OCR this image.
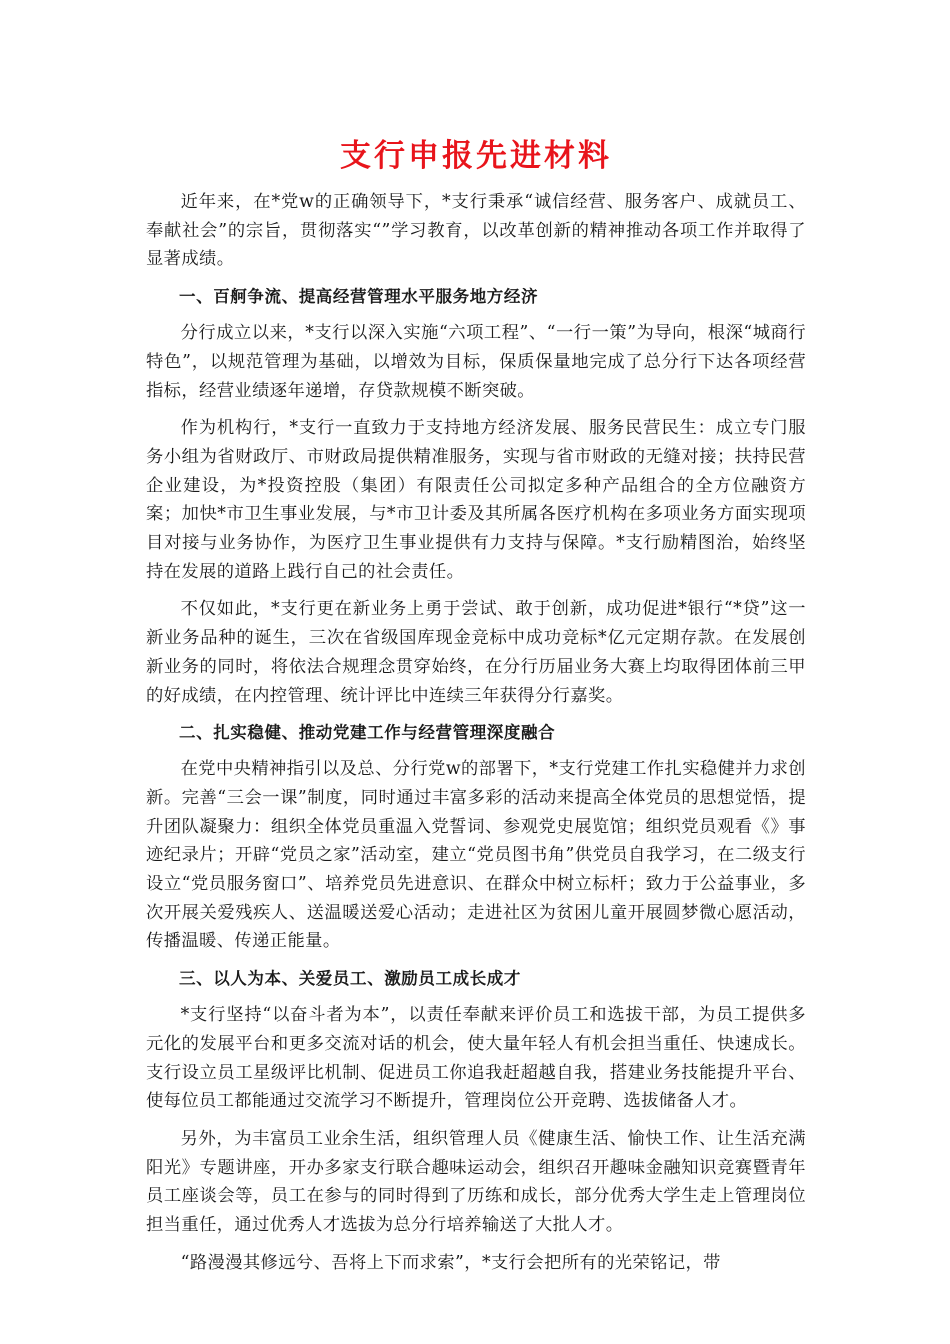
支行申报先进材料

近年来，在*党w的正确领导下，*支行秉承“诚信经营、服务客户、成就员工、奉献社会”的宗旨，贯彻落实“”学习教育，以改革创新的精神推动各项工作并取得了显著成绩。

一、百舸争流、提高经营管理水平服务地方经济

分行成立以来，*支行以深入实施“六项工程”、“一行一策”为导向，根深“城商行特色”，以规范管理为基础，以增效为目标，保质保量地完成了总分行下达各项经营指标，经营业绩逐年递增，存贷款规模不断突破。

作为机构行，*支行一直致力于支持地方经济发展、服务民营民生：成立专门服务小组为省财政厅、市财政局提供精准服务，实现与省市财政的无缝对接；扶持民营企业建设，为*投资控股（集团）有限责任公司拟定多种产品组合的全方位融资方案；加快*市卫生事业发展，与*市卫计委及其所属各医疗机构在多项业务方面实现项目对接与业务协作，为医疗卫生事业提供有力支持与保障。*支行励精图治，始终坚持在发展的道路上践行自己的社会责任。

不仅如此，*支行更在新业务上勇于尝试、敢于创新，成功促进*银行“*贷”这一新业务品种的诞生，三次在省级国库现金竞标中成功竞标*亿元定期存款。在发展创新业务的同时，将依法合规理念贯穿始终，在分行历届业务大赛上均取得团体前三甲的好成绩，在内控管理、统计评比中连续三年获得分行嘉奖。

二、扎实稳健、推动党建工作与经营管理深度融合

在党中央精神指引以及总、分行党w的部署下，*支行党建工作扎实稳健并力求创新。完善“三会一课”制度，同时通过丰富多彩的活动来提高全体党员的思想觉悟，提升团队凝聚力：组织全体党员重温入党誓词、参观党史展览馆；组织党员观看《》事迹纪录片；开辟“党员之家”活动室，建立“党员图书角”供党员自我学习，在二级支行设立“党员服务窗口”、培养党员先进意识、在群众中树立标杆；致力于公益事业，多次开展关爱残疾人、送温暖送爱心活动；走进社区为贫困儿童开展圆梦微心愿活动，传播温暖、传递正能量。

三、以人为本、关爱员工、激励员工成长成才

*支行坚持“以奋斗者为本”，以责任奉献来评价员工和选拔干部，为员工提供多元化的发展平台和更多交流对话的机会，使大量年轻人有机会担当重任、快速成长。支行设立员工星级评比机制、促进员工你追我赶超越自我，搭建业务技能提升平台、使每位员工都能通过交流学习不断提升，管理岗位公开竞聘、选拔储备人才。

另外，为丰富员工业余生活，组织管理人员《健康生活、愉快工作、让生活充满阳光》专题讲座，开办多家支行联合趣味运动会，组织召开趣味金融知识竞赛暨青年员工座谈会等，员工在参与的同时得到了历练和成长，部分优秀大学生走上管理岗位担当重任，通过优秀人才选拔为总分行培养输送了大批人才。

“路漫漫其修远兮、吾将上下而求索”，*支行会把所有的光荣铭记，带
